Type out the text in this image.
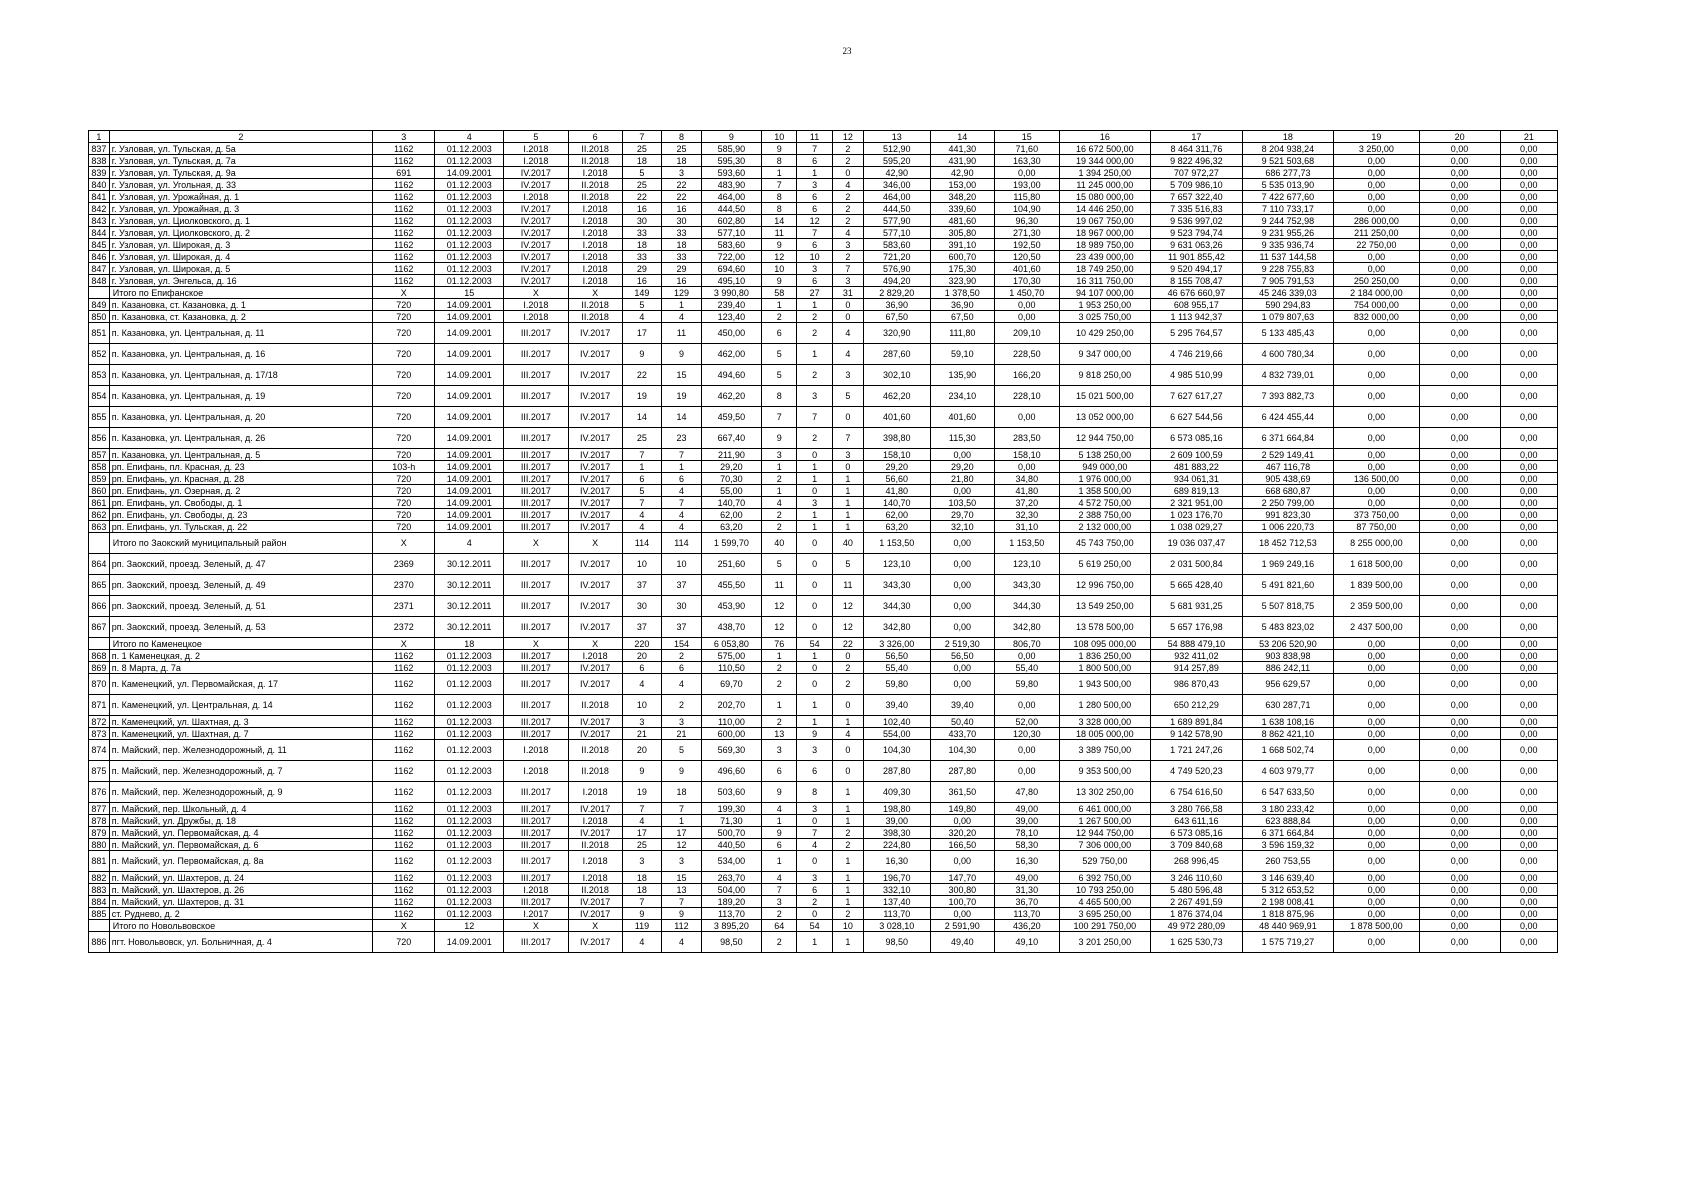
23
1	2	3	4	5	6	7	8	9	10	11	12	13	14	15	16	17	18	19	20	21
837	г. Узловая, ул. Тульская, д. 5а	1162	01.12.2003	I.2018	II.2018	25	25	585,90	9	7	2	512,90	441,30	71,60	16 672 500,00	8 464 311,76	8 204 938,24	3 250,00	0,00	0,00
838	г. Узловая, ул. Тульская, д. 7а	1162	01.12.2003	I.2018	II.2018	18	18	595,30	8	6	2	595,20	431,90	163,30	19 344 000,00	9 822 496,32	9 521 503,68	0,00	0,00	0,00
839	г. Узловая, ул. Тульская, д. 9а	691	14.09.2001	IV.2017	I.2018	5	3	593,60	1	1	0	42,90	42,90	0,00	1 394 250,00	707 972,27	686 277,73	0,00	0,00	0,00
840	г. Узловая, ул. Угольная, д. 33	1162	01.12.2003	IV.2017	II.2018	25	22	483,90	7	3	4	346,00	153,00	193,00	11 245 000,00	5 709 986,10	5 535 013,90	0,00	0,00	0,00
841	г. Узловая, ул. Урожайная, д. 1	1162	01.12.2003	I.2018	II.2018	22	22	464,00	8	6	2	464,00	348,20	115,80	15 080 000,00	7 657 322,40	7 422 677,60	0,00	0,00	0,00
842	г. Узловая, ул. Урожайная, д. 3	1162	01.12.2003	IV.2017	I.2018	16	16	444,50	8	6	2	444,50	339,60	104,90	14 446 250,00	7 335 516,83	7 110 733,17	0,00	0,00	0,00
843	г. Узловая, ул. Циолковского, д. 1	1162	01.12.2003	IV.2017	I.2018	30	30	602,80	14	12	2	577,90	481,60	96,30	19 067 750,00	9 536 997,02	9 244 752,98	286 000,00	0,00	0,00
844	г. Узловая, ул. Циолковского, д. 2	1162	01.12.2003	IV.2017	I.2018	33	33	577,10	11	7	4	577,10	305,80	271,30	18 967 000,00	9 523 794,74	9 231 955,26	211 250,00	0,00	0,00
845	г. Узловая, ул. Широкая, д. 3	1162	01.12.2003	IV.2017	I.2018	18	18	583,60	9	6	3	583,60	391,10	192,50	18 989 750,00	9 631 063,26	9 335 936,74	22 750,00	0,00	0,00
846	г. Узловая, ул. Широкая, д. 4	1162	01.12.2003	IV.2017	I.2018	33	33	722,00	12	10	2	721,20	600,70	120,50	23 439 000,00	11 901 855,42	11 537 144,58	0,00	0,00	0,00
847	г. Узловая, ул. Широкая, д. 5	1162	01.12.2003	IV.2017	I.2018	29	29	694,60	10	3	7	576,90	175,30	401,60	18 749 250,00	9 520 494,17	9 228 755,83	0,00	0,00	0,00
848	г. Узловая, ул. Энгельса, д. 16	1162	01.12.2003	IV.2017	I.2018	16	16	495,10	9	6	3	494,20	323,90	170,30	16 311 750,00	8 155 708,47	7 905 791,53	250 250,00	0,00	0,00
	Итого по Епифанское	X	15	X	X	149	129	3 990,80	58	27	31	2 829,20	1 378,50	1 450,70	94 107 000,00	46 676 660,97	45 246 339,03	2 184 000,00	0,00	0,00
849	п. Казановка, ст. Казановка, д. 1	720	14.09.2001	I.2018	II.2018	5	1	239,40	1	1	0	36,90	36,90	0,00	1 953 250,00	608 955,17	590 294,83	754 000,00	0,00	0,00
850	п. Казановка, ст. Казановка, д. 2	720	14.09.2001	I.2018	II.2018	4	4	123,40	2	2	0	67,50	67,50	0,00	3 025 750,00	1 113 942,37	1 079 807,63	832 000,00	0,00	0,00
851	п. Казановка, ул. Центральная, д. 11	720	14.09.2001	III.2017	IV.2017	17	11	450,00	6	2	4	320,90	111,80	209,10	10 429 250,00	5 295 764,57	5 133 485,43	0,00	0,00	0,00
852	п. Казановка, ул. Центральная, д. 16	720	14.09.2001	III.2017	IV.2017	9	9	462,00	5	1	4	287,60	59,10	228,50	9 347 000,00	4 746 219,66	4 600 780,34	0,00	0,00	0,00
853	п. Казановка, ул. Центральная, д. 17/18	720	14.09.2001	III.2017	IV.2017	22	15	494,60	5	2	3	302,10	135,90	166,20	9 818 250,00	4 985 510,99	4 832 739,01	0,00	0,00	0,00
854	п. Казановка, ул. Центральная, д. 19	720	14.09.2001	III.2017	IV.2017	19	19	462,20	8	3	5	462,20	234,10	228,10	15 021 500,00	7 627 617,27	7 393 882,73	0,00	0,00	0,00
855	п. Казановка, ул. Центральная, д. 20	720	14.09.2001	III.2017	IV.2017	14	14	459,50	7	7	0	401,60	401,60	0,00	13 052 000,00	6 627 544,56	6 424 455,44	0,00	0,00	0,00
856	п. Казановка, ул. Центральная, д. 26	720	14.09.2001	III.2017	IV.2017	25	23	667,40	9	2	7	398,80	115,30	283,50	12 944 750,00	6 573 085,16	6 371 664,84	0,00	0,00	0,00
857	п. Казановка, ул. Центральная, д. 5	720	14.09.2001	III.2017	IV.2017	7	7	211,90	3	0	3	158,10	0,00	158,10	5 138 250,00	2 609 100,59	2 529 149,41	0,00	0,00	0,00
858	рп. Епифань, пл. Красная, д. 23	103-h	14.09.2001	III.2017	IV.2017	1	1	29,20	1	1	0	29,20	29,20	0,00	949 000,00	481 883,22	467 116,78	0,00	0,00	0,00
859	рп. Епифань, ул. Красная, д. 28	720	14.09.2001	III.2017	IV.2017	6	6	70,30	2	1	1	56,60	21,80	34,80	1 976 000,00	934 061,31	905 438,69	136 500,00	0,00	0,00
860	рп. Епифань, ул. Озерная, д. 2	720	14.09.2001	III.2017	IV.2017	5	4	55,00	1	0	1	41,80	0,00	41,80	1 358 500,00	689 819,13	668 680,87	0,00	0,00	0,00
861	рп. Епифань, ул. Свободы, д. 1	720	14.09.2001	III.2017	IV.2017	7	7	140,70	4	3	1	140,70	103,50	37,20	4 572 750,00	2 321 951,00	2 250 799,00	0,00	0,00	0,00
862	рп. Епифань, ул. Свободы, д. 23	720	14.09.2001	III.2017	IV.2017	4	4	62,00	2	1	1	62,00	29,70	32,30	2 388 750,00	1 023 176,70	991 823,30	373 750,00	0,00	0,00
863	рп. Епифань, ул. Тульская, д. 22	720	14.09.2001	III.2017	IV.2017	4	4	63,20	2	1	1	63,20	32,10	31,10	2 132 000,00	1 038 029,27	1 006 220,73	87 750,00	0,00	0,00
	Итого по Заокский муниципальный район	X	4	X	X	114	114	1 599,70	40	0	40	1 153,50	0,00	1 153,50	45 743 750,00	19 036 037,47	18 452 712,53	8 255 000,00	0,00	0,00
864	рп. Заокский, проезд. Зеленый, д. 47	2369	30.12.2011	III.2017	IV.2017	10	10	251,60	5	0	5	123,10	0,00	123,10	5 619 250,00	2 031 500,84	1 969 249,16	1 618 500,00	0,00	0,00
865	рп. Заокский, проезд. Зеленый, д. 49	2370	30.12.2011	III.2017	IV.2017	37	37	455,50	11	0	11	343,30	0,00	343,30	12 996 750,00	5 665 428,40	5 491 821,60	1 839 500,00	0,00	0,00
866	рп. Заокский, проезд. Зеленый, д. 51	2371	30.12.2011	III.2017	IV.2017	30	30	453,90	12	0	12	344,30	0,00	344,30	13 549 250,00	5 681 931,25	5 507 818,75	2 359 500,00	0,00	0,00
867	рп. Заокский, проезд. Зеленый, д. 53	2372	30.12.2011	III.2017	IV.2017	37	37	438,70	12	0	12	342,80	0,00	342,80	13 578 500,00	5 657 176,98	5 483 823,02	2 437 500,00	0,00	0,00
	Итого по Каменецкое	X	18	X	X	220	154	6 053,80	76	54	22	3 326,00	2 519,30	806,70	108 095 000,00	54 888 479,10	53 206 520,90	0,00	0,00	0,00
868	п. 1 Каменецкая, д. 2	1162	01.12.2003	III.2017	I.2018	20	2	575,00	1	1	0	56,50	56,50	0,00	1 836 250,00	932 411,02	903 838,98	0,00	0,00	0,00
869	п. 8 Марта, д. 7а	1162	01.12.2003	III.2017	IV.2017	6	6	110,50	2	0	2	55,40	0,00	55,40	1 800 500,00	914 257,89	886 242,11	0,00	0,00	0,00
870	п. Каменецкий, ул. Первомайская, д. 17	1162	01.12.2003	III.2017	IV.2017	4	4	69,70	2	0	2	59,80	0,00	59,80	1 943 500,00	986 870,43	956 629,57	0,00	0,00	0,00
871	п. Каменецкий, ул. Центральная, д. 14	1162	01.12.2003	III.2017	II.2018	10	2	202,70	1	1	0	39,40	39,40	0,00	1 280 500,00	650 212,29	630 287,71	0,00	0,00	0,00
872	п. Каменецкий, ул. Шахтная, д. 3	1162	01.12.2003	III.2017	IV.2017	3	3	110,00	2	1	1	102,40	50,40	52,00	3 328 000,00	1 689 891,84	1 638 108,16	0,00	0,00	0,00
873	п. Каменецкий, ул. Шахтная, д. 7	1162	01.12.2003	III.2017	IV.2017	21	21	600,00	13	9	4	554,00	433,70	120,30	18 005 000,00	9 142 578,90	8 862 421,10	0,00	0,00	0,00
874	п. Майский, пер. Железнодорожный, д. 11	1162	01.12.2003	I.2018	II.2018	20	5	569,30	3	3	0	104,30	104,30	0,00	3 389 750,00	1 721 247,26	1 668 502,74	0,00	0,00	0,00
875	п. Майский, пер. Железнодорожный, д. 7	1162	01.12.2003	I.2018	II.2018	9	9	496,60	6	6	0	287,80	287,80	0,00	9 353 500,00	4 749 520,23	4 603 979,77	0,00	0,00	0,00
876	п. Майский, пер. Железнодорожный, д. 9	1162	01.12.2003	III.2017	I.2018	19	18	503,60	9	8	1	409,30	361,50	47,80	13 302 250,00	6 754 616,50	6 547 633,50	0,00	0,00	0,00
877	п. Майский, пер. Школьный, д. 4	1162	01.12.2003	III.2017	IV.2017	7	7	199,30	4	3	1	198,80	149,80	49,00	6 461 000,00	3 280 766,58	3 180 233,42	0,00	0,00	0,00
878	п. Майский, ул. Дружбы, д. 18	1162	01.12.2003	III.2017	I.2018	4	1	71,30	1	0	1	39,00	0,00	39,00	1 267 500,00	643 611,16	623 888,84	0,00	0,00	0,00
879	п. Майский, ул. Первомайская, д. 4	1162	01.12.2003	III.2017	IV.2017	17	17	500,70	9	7	2	398,30	320,20	78,10	12 944 750,00	6 573 085,16	6 371 664,84	0,00	0,00	0,00
880	п. Майский, ул. Первомайская, д. 6	1162	01.12.2003	III.2017	II.2018	25	12	440,50	6	4	2	224,80	166,50	58,30	7 306 000,00	3 709 840,68	3 596 159,32	0,00	0,00	0,00
881	п. Майский, ул. Первомайская, д. 8а	1162	01.12.2003	III.2017	I.2018	3	3	534,00	1	0	1	16,30	0,00	16,30	529 750,00	268 996,45	260 753,55	0,00	0,00	0,00
882	п. Майский, ул. Шахтеров, д. 24	1162	01.12.2003	III.2017	I.2018	18	15	263,70	4	3	1	196,70	147,70	49,00	6 392 750,00	3 246 110,60	3 146 639,40	0,00	0,00	0,00
883	п. Майский, ул. Шахтеров, д. 26	1162	01.12.2003	I.2018	II.2018	18	13	504,00	7	6	1	332,10	300,80	31,30	10 793 250,00	5 480 596,48	5 312 653,52	0,00	0,00	0,00
884	п. Майский, ул. Шахтеров, д. 31	1162	01.12.2003	III.2017	IV.2017	7	7	189,20	3	2	1	137,40	100,70	36,70	4 465 500,00	2 267 491,59	2 198 008,41	0,00	0,00	0,00
885	ст. Руднево, д. 2	1162	01.12.2003	I.2017	IV.2017	9	9	113,70	2	0	2	113,70	0,00	113,70	3 695 250,00	1 876 374,04	1 818 875,96	0,00	0,00	0,00
	Итого по Новольвовское	X	12	X	X	119	112	3 895,20	64	54	10	3 028,10	2 591,90	436,20	100 291 750,00	49 972 280,09	48 440 969,91	1 878 500,00	0,00	0,00
886	пгт. Новольвовск, ул. Больничная, д. 4	720	14.09.2001	III.2017	IV.2017	4	4	98,50	2	1	1	98,50	49,40	49,10	3 201 250,00	1 625 530,73	1 575 719,27	0,00	0,00	0,00
